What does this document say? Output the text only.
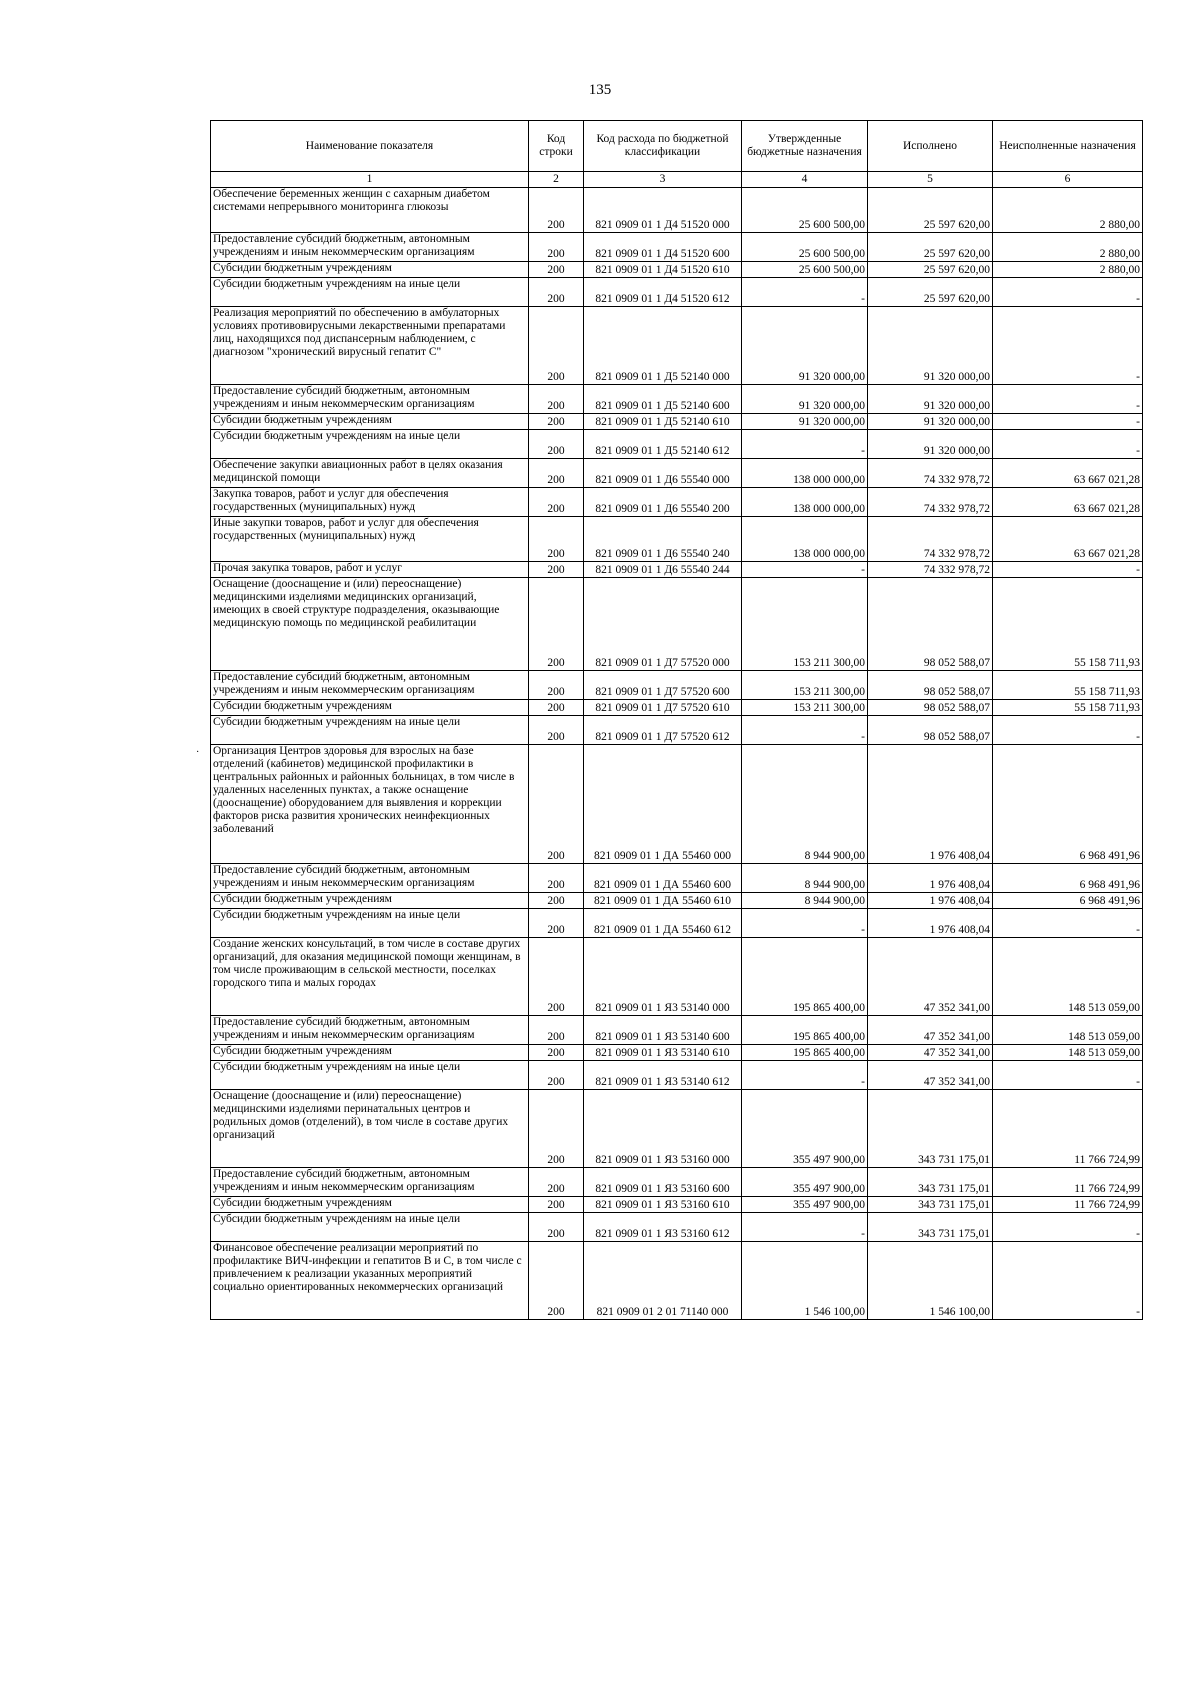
135
·
Наименование показателя	Код строки	Код расхода по бюджетной классификации	Утвержденные бюджетные назначения	Исполнено	Неисполненные назначения
1	2	3	4	5	6
Обеспечение беременных женщин с сахарным диабетом системами непрерывного мониторинга глюкозы	200	821 0909 01 1 Д4 51520 000	25 600 500,00	25 597 620,00	2 880,00
Предоставление субсидий бюджетным, автономным учреждениям и иным некоммерческим организациям	200	821 0909 01 1 Д4 51520 600	25 600 500,00	25 597 620,00	2 880,00
Субсидии бюджетным учреждениям	200	821 0909 01 1 Д4 51520 610	25 600 500,00	25 597 620,00	2 880,00
Субсидии бюджетным учреждениям на иные цели	200	821 0909 01 1 Д4 51520 612	-	25 597 620,00	-
Реализация мероприятий по обеспечению в амбулаторных условиях противовирусными лекарственными препаратами лиц, находящихся под диспансерным наблюдением, с диагнозом "хронический вирусный гепатит С"	200	821 0909 01 1 Д5 52140 000	91 320 000,00	91 320 000,00	-
Предоставление субсидий бюджетным, автономным учреждениям и иным некоммерческим организациям	200	821 0909 01 1 Д5 52140 600	91 320 000,00	91 320 000,00	-
Субсидии бюджетным учреждениям	200	821 0909 01 1 Д5 52140 610	91 320 000,00	91 320 000,00	-
Субсидии бюджетным учреждениям на иные цели	200	821 0909 01 1 Д5 52140 612	-	91 320 000,00	-
Обеспечение закупки авиационных работ в целях оказания медицинской помощи	200	821 0909 01 1 Д6 55540 000	138 000 000,00	74 332 978,72	63 667 021,28
Закупка товаров, работ и услуг для обеспечения государственных (муниципальных) нужд	200	821 0909 01 1 Д6 55540 200	138 000 000,00	74 332 978,72	63 667 021,28
Иные закупки товаров, работ и услуг для обеспечения государственных (муниципальных) нужд	200	821 0909 01 1 Д6 55540 240	138 000 000,00	74 332 978,72	63 667 021,28
Прочая закупка товаров, работ и услуг	200	821 0909 01 1 Д6 55540 244	-	74 332 978,72	-
Оснащение (дооснащение и (или) переоснащение) медицинскими изделиями медицинских организаций, имеющих в своей структуре подразделения, оказывающие медицинскую помощь по медицинской реабилитации	200	821 0909 01 1 Д7 57520 000	153 211 300,00	98 052 588,07	55 158 711,93
Предоставление субсидий бюджетным, автономным учреждениям и иным некоммерческим организациям	200	821 0909 01 1 Д7 57520 600	153 211 300,00	98 052 588,07	55 158 711,93
Субсидии бюджетным учреждениям	200	821 0909 01 1 Д7 57520 610	153 211 300,00	98 052 588,07	55 158 711,93
Субсидии бюджетным учреждениям на иные цели	200	821 0909 01 1 Д7 57520 612	-	98 052 588,07	-
Организация Центров здоровья для взрослых на базе отделений (кабинетов) медицинской профилактики в центральных районных и районных больницах, в том числе в удаленных населенных пунктах, а также оснащение (дооснащение) оборудованием для выявления и коррекции факторов риска развития хронических неинфекционных заболеваний	200	821 0909 01 1 ДА 55460 000	8 944 900,00	1 976 408,04	6 968 491,96
Предоставление субсидий бюджетным, автономным учреждениям и иным некоммерческим организациям	200	821 0909 01 1 ДА 55460 600	8 944 900,00	1 976 408,04	6 968 491,96
Субсидии бюджетным учреждениям	200	821 0909 01 1 ДА 55460 610	8 944 900,00	1 976 408,04	6 968 491,96
Субсидии бюджетным учреждениям на иные цели	200	821 0909 01 1 ДА 55460 612	-	1 976 408,04	-
Создание женских консультаций, в том числе в составе других организаций, для оказания медицинской помощи женщинам, в том числе проживающим в сельской местности, поселках городского типа и малых городах	200	821 0909 01 1 Я3 53140 000	195 865 400,00	47 352 341,00	148 513 059,00
Предоставление субсидий бюджетным, автономным учреждениям и иным некоммерческим организациям	200	821 0909 01 1 Я3 53140 600	195 865 400,00	47 352 341,00	148 513 059,00
Субсидии бюджетным учреждениям	200	821 0909 01 1 Я3 53140 610	195 865 400,00	47 352 341,00	148 513 059,00
Субсидии бюджетным учреждениям на иные цели	200	821 0909 01 1 Я3 53140 612	-	47 352 341,00	-
Оснащение (дооснащение и (или) переоснащение) медицинскими изделиями перинатальных центров и родильных домов (отделений), в том числе в составе других организаций	200	821 0909 01 1 Я3 53160 000	355 497 900,00	343 731 175,01	11 766 724,99
Предоставление субсидий бюджетным, автономным учреждениям и иным некоммерческим организациям	200	821 0909 01 1 Я3 53160 600	355 497 900,00	343 731 175,01	11 766 724,99
Субсидии бюджетным учреждениям	200	821 0909 01 1 Я3 53160 610	355 497 900,00	343 731 175,01	11 766 724,99
Субсидии бюджетным учреждениям на иные цели	200	821 0909 01 1 Я3 53160 612	-	343 731 175,01	-
Финансовое обеспечение реализации мероприятий по профилактике ВИЧ-инфекции и гепатитов В и С, в том числе с привлечением к реализации указанных мероприятий социально ориентированных некоммерческих организаций	200	821 0909 01 2 01 71140 000	1 546 100,00	1 546 100,00	-
